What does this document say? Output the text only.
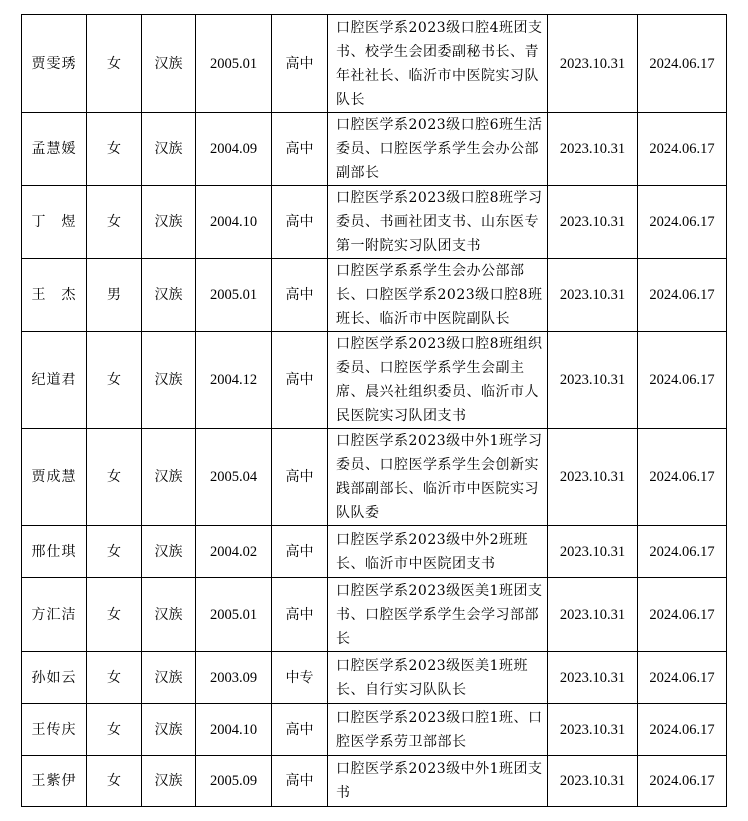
贾雯琇	女	汉族	2005.01	高中	口腔医学系2023级口腔4班团支书、校学生会团委副秘书长、青年社社长、临沂市中医院实习队队长	2023.10.31	2024.06.17
孟慧媛	女	汉族	2004.09	高中	口腔医学系2023级口腔6班生活委员、口腔医学系学生会办公部副部长	2023.10.31	2024.06.17
丁　煜	女	汉族	2004.10	高中	口腔医学系2023级口腔8班学习委员、书画社团支书、山东医专第一附院实习队团支书	2023.10.31	2024.06.17
王　杰	男	汉族	2005.01	高中	口腔医学系系学生会办公部部长、口腔医学系2023级口腔8班班长、临沂市中医院副队长	2023.10.31	2024.06.17
纪道君	女	汉族	2004.12	高中	口腔医学系2023级口腔8班组织委员、口腔医学系学生会副主席、晨兴社组织委员、临沂市人民医院实习队团支书	2023.10.31	2024.06.17
贾成慧	女	汉族	2005.04	高中	口腔医学系2023级中外1班学习委员、口腔医学系学生会创新实践部副部长、临沂市中医院实习队队委	2023.10.31	2024.06.17
邢仕琪	女	汉族	2004.02	高中	口腔医学系2023级中外2班班长、临沂市中医院团支书	2023.10.31	2024.06.17
方汇洁	女	汉族	2005.01	高中	口腔医学系2023级医美1班团支书、口腔医学系学生会学习部部长	2023.10.31	2024.06.17
孙如云	女	汉族	2003.09	中专	口腔医学系2023级医美1班班长、自行实习队队长	2023.10.31	2024.06.17
王传庆	女	汉族	2004.10	高中	口腔医学系2023级口腔1班、口腔医学系劳卫部部长	2023.10.31	2024.06.17
王紫伊	女	汉族	2005.09	高中	口腔医学系2023级中外1班团支书	2023.10.31	2024.06.17
